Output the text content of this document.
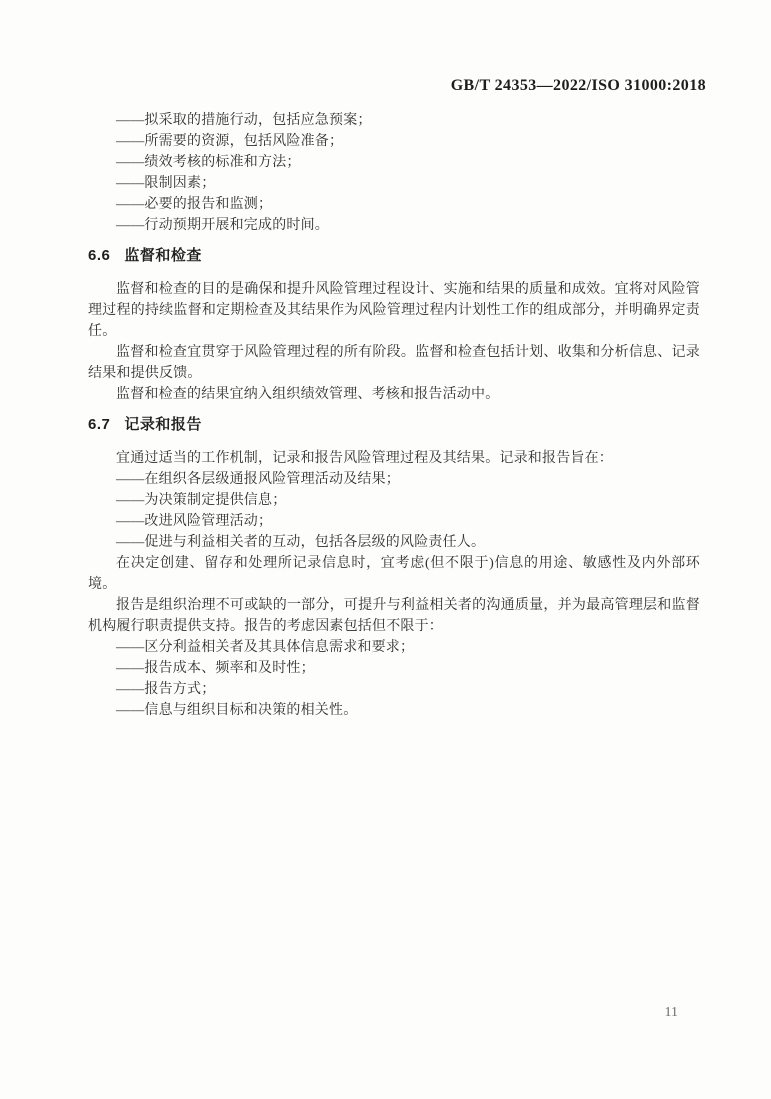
GB/T 24353—2022/ISO 31000:2018
——拟采取的措施行动，包括应急预案；
——所需要的资源，包括风险准备；
——绩效考核的标准和方法；
——限制因素；
——必要的报告和监测；
——行动预期开展和完成的时间。
6.6 监督和检查

监督和检查的目的是确保和提升风险管理过程设计、实施和结果的质量和成效。宜将对风险管理过程的持续监督和定期检查及其结果作为风险管理过程内计划性工作的组成部分，并明确界定责任。

监督和检查宜贯穿于风险管理过程的所有阶段。监督和检查包括计划、收集和分析信息、记录结果和提供反馈。

监督和检查的结果宜纳入组织绩效管理、考核和报告活动中。

6.7 记录和报告

宜通过适当的工作机制，记录和报告风险管理过程及其结果。记录和报告旨在：

——在组织各层级通报风险管理活动及结果；
——为决策制定提供信息；
——改进风险管理活动；
——促进与利益相关者的互动，包括各层级的风险责任人。

在决定创建、留存和处理所记录信息时，宜考虑(但不限于)信息的用途、敏感性及内外部环境。

报告是组织治理不可或缺的一部分，可提升与利益相关者的沟通质量，并为最高管理层和监督机构履行职责提供支持。报告的考虑因素包括但不限于：

——区分利益相关者及其具体信息需求和要求；
——报告成本、频率和及时性；
——报告方式；
——信息与组织目标和决策的相关性。
11
